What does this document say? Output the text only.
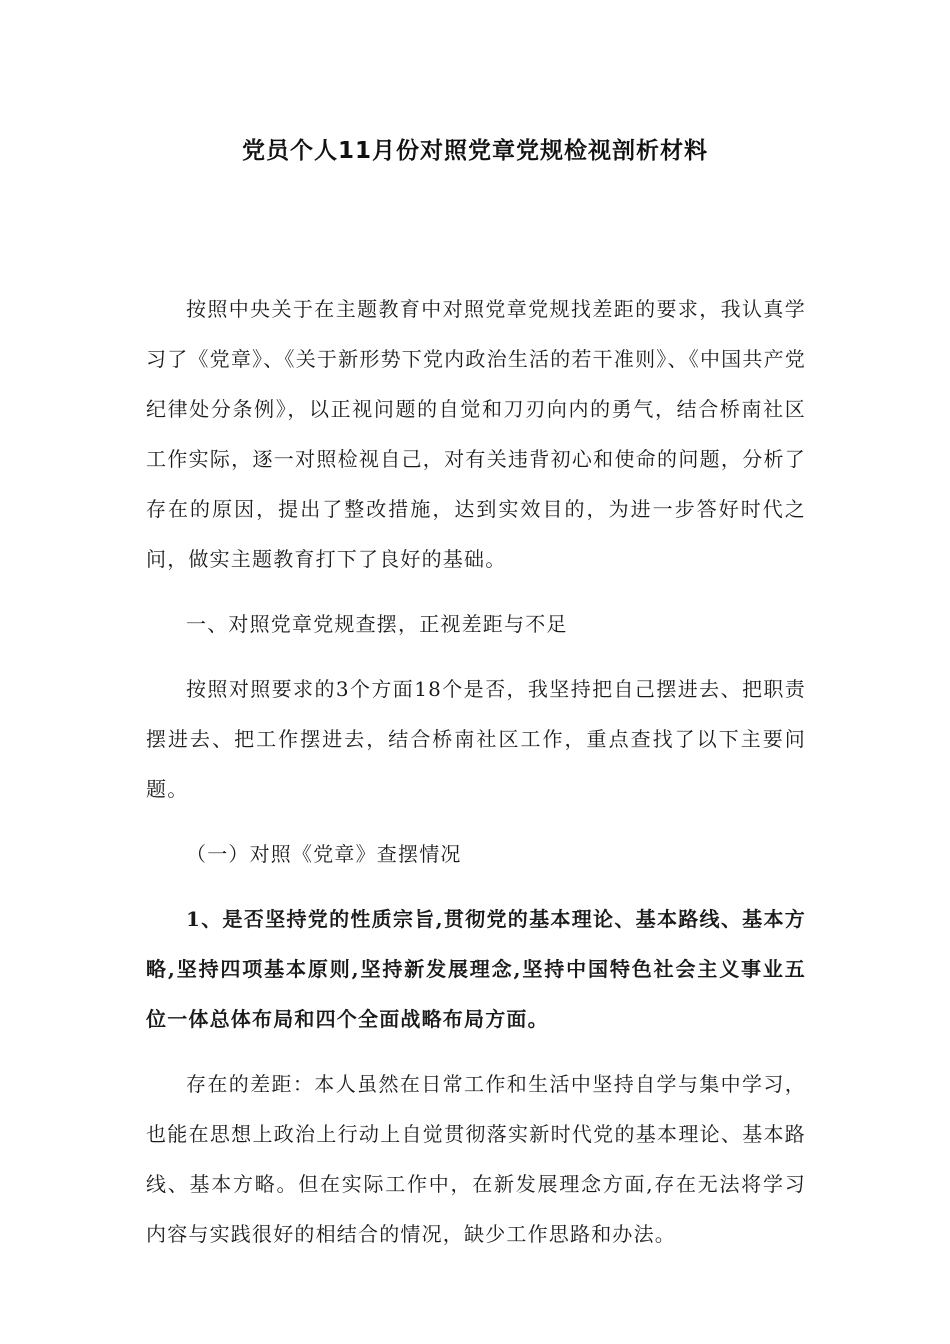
党员个人11月份对照党章党规检视剖析材料

按照中央关于在主题教育中对照党章党规找差距的要求，我认真学习了《党章》、《关于新形势下党内政治生活的若干准则》、《中国共产党纪律处分条例》，以正视问题的自觉和刀刃向内的勇气，结合桥南社区工作实际，逐一对照检视自己，对有关违背初心和使命的问题，分析了存在的原因，提出了整改措施，达到实效目的，为进一步答好时代之问，做实主题教育打下了良好的基础。

一、对照党章党规查摆，正视差距与不足

按照对照要求的3个方面18个是否，我坚持把自己摆进去、把职责摆进去、把工作摆进去，结合桥南社区工作，重点查找了以下主要问题。

（一）对照《党章》查摆情况

1、是否坚持党的性质宗旨,贯彻党的基本理论、基本路线、基本方略,坚持四项基本原则,坚持新发展理念,坚持中国特色社会主义事业五位一体总体布局和四个全面战略布局方面。

存在的差距：本人虽然在日常工作和生活中坚持自学与集中学习，也能在思想上政治上行动上自觉贯彻落实新时代党的基本理论、基本路线、基本方略。但在实际工作中，在新发展理念方面,存在无法将学习内容与实践很好的相结合的情况，缺少工作思路和办法。
